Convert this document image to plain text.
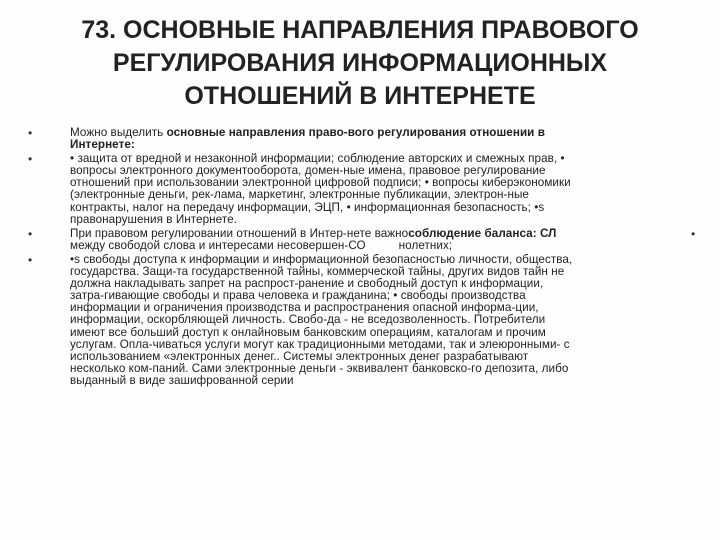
73. ОСНОВНЫЕ НАПРАВЛЕНИЯ ПРАВОВОГО
РЕГУЛИРОВАНИЯ ИНФОРМАЦИОННЫХ
ОТНОШЕНИЙ В ИНТЕРНЕТЕ
•	Можно выделить основные направления право-вого регулирования отношении в
Интернете:
•	• защита от вредной и незаконной информации; соблюдение авторских и смежных прав, •
вопросы электронного документооборота, домен-ные имена, правовое регулирование
отношений при использовании электронной цифровой подписи; • вопросы киберэкономики
(электронные деньги, рек-лама, маркетинг, электронные публикации, электрон-ные
контракты, налог на передачу информации, ЭЦП, • информационная безопасность; •s
правонарушения в Интернете.
•	•
При правовом регулировании отношений в Интер-нете важнособлюдение баланса: СЛ
между свободой слова и интересами несовершен-СО          нолетних;
•	•s свободы доступа к информации и информационной безопасностью личности, общества,
государства. Защи-та государственной тайны, коммерческой тайны, других видов тайн не
должна накладывать запрет на распрост-ранение и свободный доступ к информации,
затра-гивающие свободы и права человека и гражданина; • свободы производства
информации и ограничения производства и распространения опасной информа-ции,
информации, оскорбляющей личность. Свобо-да - не вседозволенность. Потребители
имеют все больший доступ к онлайновым банковским операциям, каталогам и прочим
услугам. Опла-чиваться услуги могут как традиционными методами, так и элеюронными- с
использованием «электронных денег.. Системы электронных денег разрабатывают
несколько ком-паний. Сами электронные деньги - эквивалент банковско-го депозита, либо
выданный в виде зашифрованной серии
